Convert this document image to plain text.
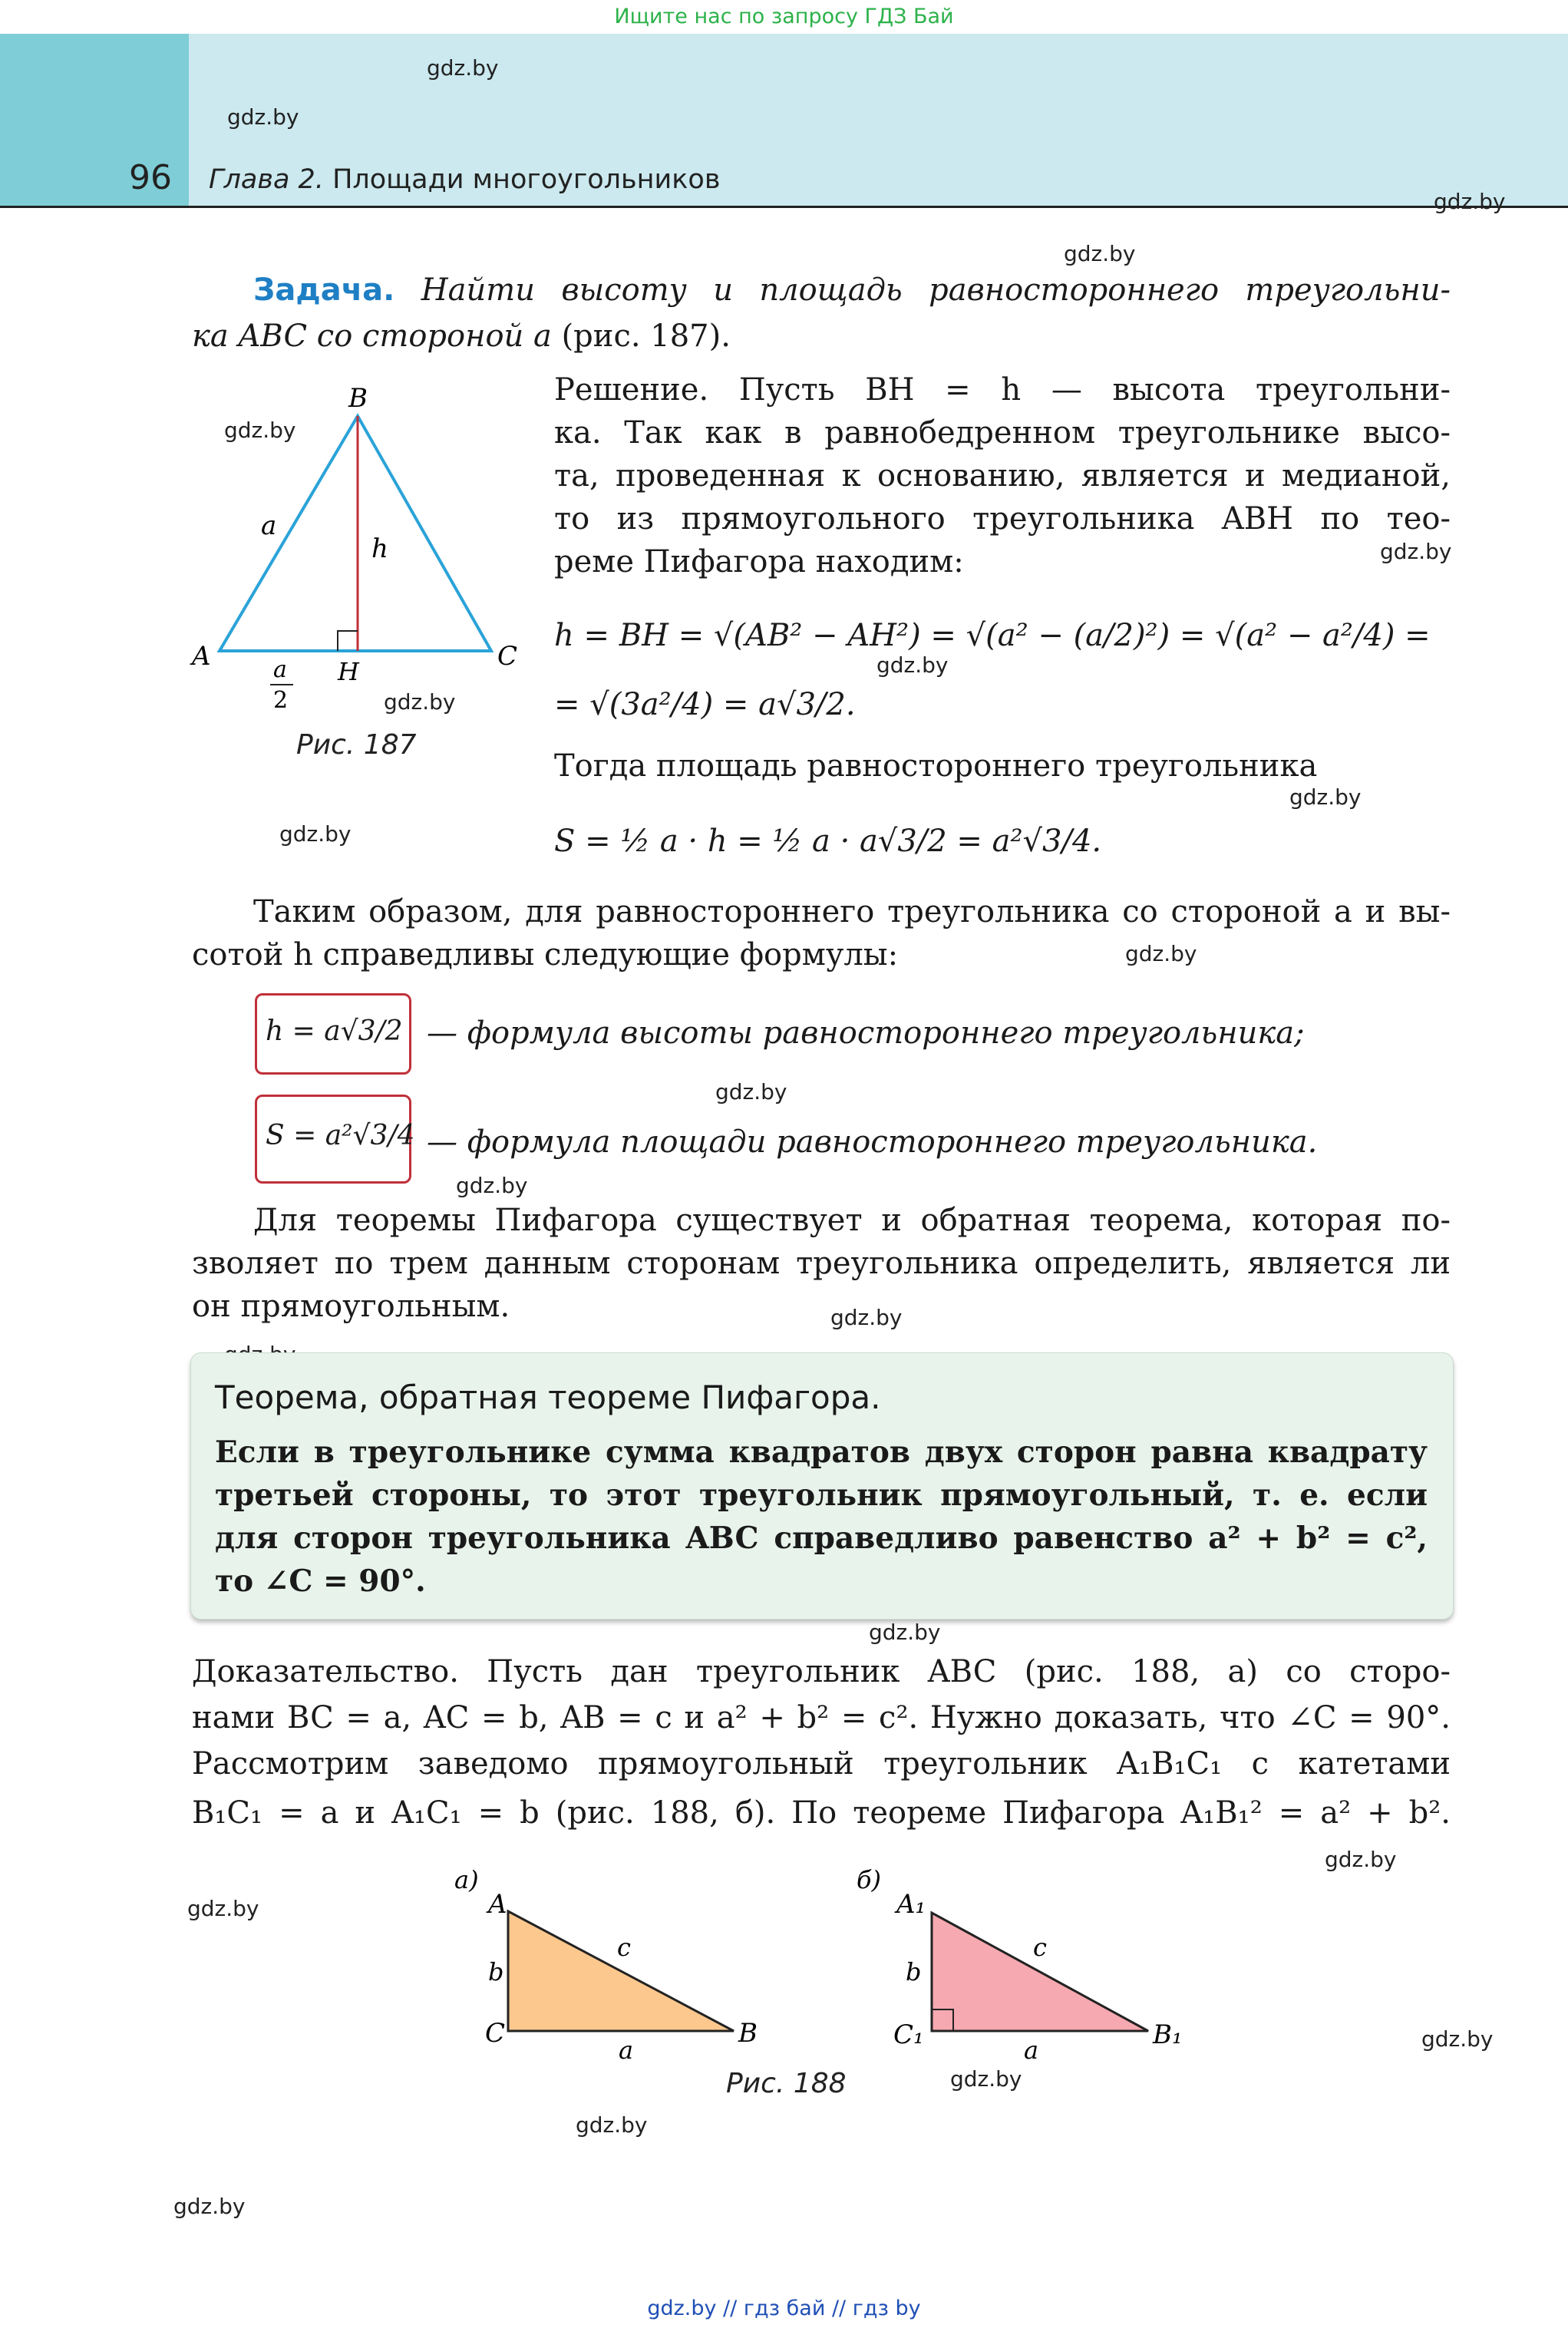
Ищите нас по запросу ГДЗ Бай
96 Глава 2. Площади многоугольников
gdz.by
gdz.by
gdz.by
gdz.by
gdz.by
gdz.by
gdz.by
gdz.by
gdz.by
gdz.by
gdz.by
gdz.by
gdz.by
gdz.by
gdz.by
gdz.by
gdz.by
gdz.by
gdz.by
gdz.by
gdz.by
Задача. Найти высоту и площадь равностороннего треугольни-
ка ABC со стороной a (рис. 187).
B
A	C
H
a
h
a
2
Рис. 187
Решение. Пусть BH = h — высота треугольни-
ка. Так как в равнобедренном треугольнике высо-
та, проведенная к основанию, является и медианой,
то из прямоугольного треугольника ABH по тео-
реме Пифагора находим:
h = BH = √(AB² − AH²) = √(a² − (a/2)²) = √(a² − a²/4) =
= √(3a²/4) = a√3/2.
Тогда площадь равностороннего треугольника
S = ½ a · h = ½ a · a√3/2 = a²√3/4.
Таким образом, для равностороннего треугольника со стороной a и вы-
сотой h справедливы следующие формулы:
h = a√3/2 — формула высоты равностороннего треугольника;
S = a²√3/4 — формула площади равностороннего треугольника.
Для теоремы Пифагора существует и обратная теорема, которая по-
зволяет по трем данным сторонам треугольника определить, является ли
он прямоугольным.
Теорема, обратная теореме Пифагора.
Если в треугольнике сумма квадратов двух сторон равна квадрату
третьей стороны, то этот треугольник прямоугольный, т. е. если
для сторон треугольника ABC справедливо равенство a² + b² = c²,
то ∠C = 90°.
Доказательство. Пусть дан треугольник ABC (рис. 188, а) со сторо-
нами BC = a, AC = b, AB = c и a² + b² = c². Нужно доказать, что ∠C = 90°.
Рассмотрим заведомо прямоугольный треугольник A₁B₁C₁ с катетами
B₁C₁ = a и A₁C₁ = b (рис. 188, б). По теореме Пифагора A₁B₁² = a² + b².
а)
A
C	B
b
a
c
б)
A₁
C₁	B₁
b
a
c
Рис. 188
gdz.by // гдз бай // гдз by
